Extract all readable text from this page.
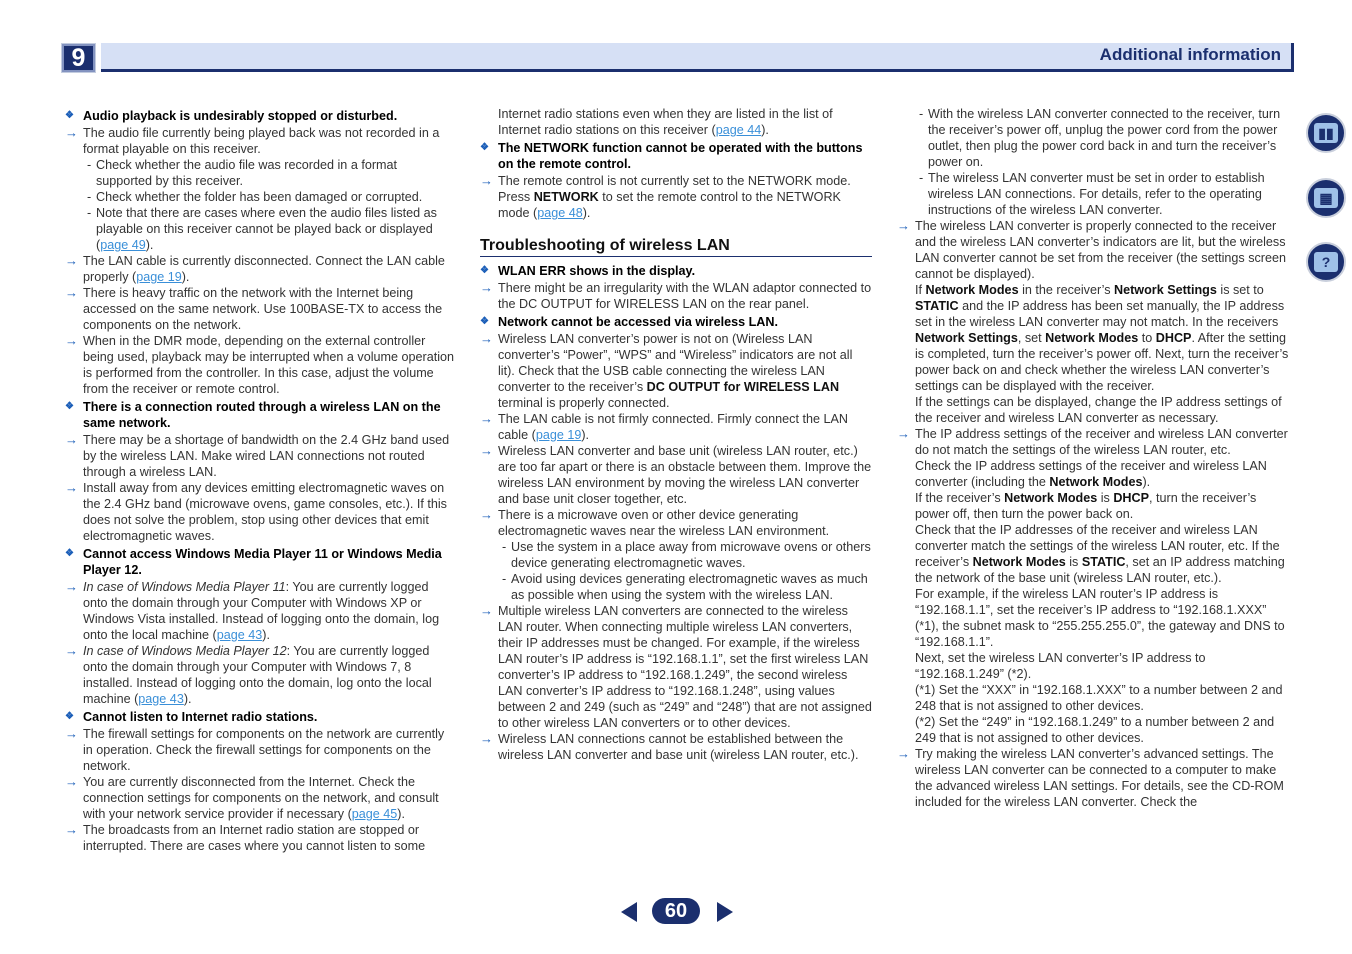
9	Additional information
❖ Audio playback is undesirably stopped or disturbed.
→ The audio file currently being played back was not recorded in a format playable on this receiver.
- Check whether the audio file was recorded in a format supported by this receiver.
- Check whether the folder has been damaged or corrupted.
- Note that there are cases where even the audio files listed as playable on this receiver cannot be played back or displayed (page 49).
→ The LAN cable is currently disconnected. Connect the LAN cable properly (page 19).
→ There is heavy traffic on the network with the Internet being accessed on the same network. Use 100BASE-TX to access the components on the network.
→ When in the DMR mode, depending on the external controller being used, playback may be interrupted when a volume operation is performed from the controller. In this case, adjust the volume from the receiver or remote control.
❖ There is a connection routed through a wireless LAN on the same network.
→ There may be a shortage of bandwidth on the 2.4 GHz band used by the wireless LAN. Make wired LAN connections not routed through a wireless LAN.
→ Install away from any devices emitting electromagnetic waves on the 2.4 GHz band (microwave ovens, game consoles, etc.). If this does not solve the problem, stop using other devices that emit electromagnetic waves.
❖ Cannot access Windows Media Player 11 or Windows Media Player 12.
→ In case of Windows Media Player 11: You are currently logged onto the domain through your Computer with Windows XP or Windows Vista installed. Instead of logging onto the domain, log onto the local machine (page 43).
→ In case of Windows Media Player 12: You are currently logged onto the domain through your Computer with Windows 7, 8 installed. Instead of logging onto the domain, log onto the local machine (page 43).
❖ Cannot listen to Internet radio stations.
→ The firewall settings for components on the network are currently in operation. Check the firewall settings for components on the network.
→ You are currently disconnected from the Internet. Check the connection settings for components on the network, and consult with your network service provider if necessary (page 45).
→ The broadcasts from an Internet radio station are stopped or interrupted. There are cases where you cannot listen to some
Internet radio stations even when they are listed in the list of Internet radio stations on this receiver (page 44).
❖ The NETWORK function cannot be operated with the buttons on the remote control.
→ The remote control is not currently set to the NETWORK mode. Press NETWORK to set the remote control to the NETWORK mode (page 48).
Troubleshooting of wireless LAN
❖ WLAN ERR shows in the display.
→ There might be an irregularity with the WLAN adaptor connected to the DC OUTPUT for WIRELESS LAN on the rear panel.
❖ Network cannot be accessed via wireless LAN.
→ Wireless LAN converter’s power is not on (Wireless LAN converter’s “Power”, “WPS” and “Wireless” indicators are not all lit). Check that the USB cable connecting the wireless LAN converter to the receiver’s DC OUTPUT for WIRELESS LAN terminal is properly connected.
→ The LAN cable is not firmly connected. Firmly connect the LAN cable (page 19).
→ Wireless LAN converter and base unit (wireless LAN router, etc.) are too far apart or there is an obstacle between them. Improve the wireless LAN environment by moving the wireless LAN converter and base unit closer together, etc.
→ There is a microwave oven or other device generating electromagnetic waves near the wireless LAN environment.
- Use the system in a place away from microwave ovens or others device generating electromagnetic waves.
- Avoid using devices generating electromagnetic waves as much as possible when using the system with the wireless LAN.
→ Multiple wireless LAN converters are connected to the wireless LAN router. When connecting multiple wireless LAN converters, their IP addresses must be changed. For example, if the wireless LAN router’s IP address is “192.168.1.1”, set the first wireless LAN converter’s IP address to “192.168.1.249”, the second wireless LAN converter’s IP address to “192.168.1.248”, using values between 2 and 249 (such as “249” and “248”) that are not assigned to other wireless LAN converters or to other devices.
→ Wireless LAN connections cannot be established between the wireless LAN converter and base unit (wireless LAN router, etc.).
- With the wireless LAN converter connected to the receiver, turn the receiver’s power off, unplug the power cord from the power outlet, then plug the power cord back in and turn the receiver’s power on.
- The wireless LAN converter must be set in order to establish wireless LAN connections. For details, refer to the operating instructions of the wireless LAN converter.
→ The wireless LAN converter is properly connected to the receiver and the wireless LAN converter’s indicators are lit, but the wireless LAN converter cannot be set from the receiver (the settings screen cannot be displayed).
If Network Modes in the receiver’s Network Settings is set to STATIC and the IP address has been set manually, the IP address set in the wireless LAN converter may not match. In the receivers Network Settings, set Network Modes to DHCP. After the setting is completed, turn the receiver’s power off. Next, turn the receiver’s power back on and check whether the wireless LAN converter’s settings can be displayed with the receiver.
If the settings can be displayed, change the IP address settings of the receiver and wireless LAN converter as necessary.
→ The IP address settings of the receiver and wireless LAN converter do not match the settings of the wireless LAN router, etc.
Check the IP address settings of the receiver and wireless LAN converter (including the Network Modes).
If the receiver’s Network Modes is DHCP, turn the receiver’s power off, then turn the power back on.
Check that the IP addresses of the receiver and wireless LAN converter match the settings of the wireless LAN router, etc. If the receiver’s Network Modes is STATIC, set an IP address matching the network of the base unit (wireless LAN router, etc.).
For example, if the wireless LAN router’s IP address is “192.168.1.1”, set the receiver’s IP address to “192.168.1.XXX” (*1), the subnet mask to “255.255.255.0”, the gateway and DNS to “192.168.1.1”.
Next, set the wireless LAN converter’s IP address to “192.168.1.249” (*2).
(*1) Set the “XXX” in “192.168.1.XXX” to a number between 2 and 248 that is not assigned to other devices.
(*2) Set the “249” in “192.168.1.249” to a number between 2 and 249 that is not assigned to other devices.
→ Try making the wireless LAN converter’s advanced settings. The wireless LAN converter can be connected to a computer to make the advanced wireless LAN settings. For details, see the CD-ROM included for the wireless LAN converter. Check the
▮▮
▦
?
60
